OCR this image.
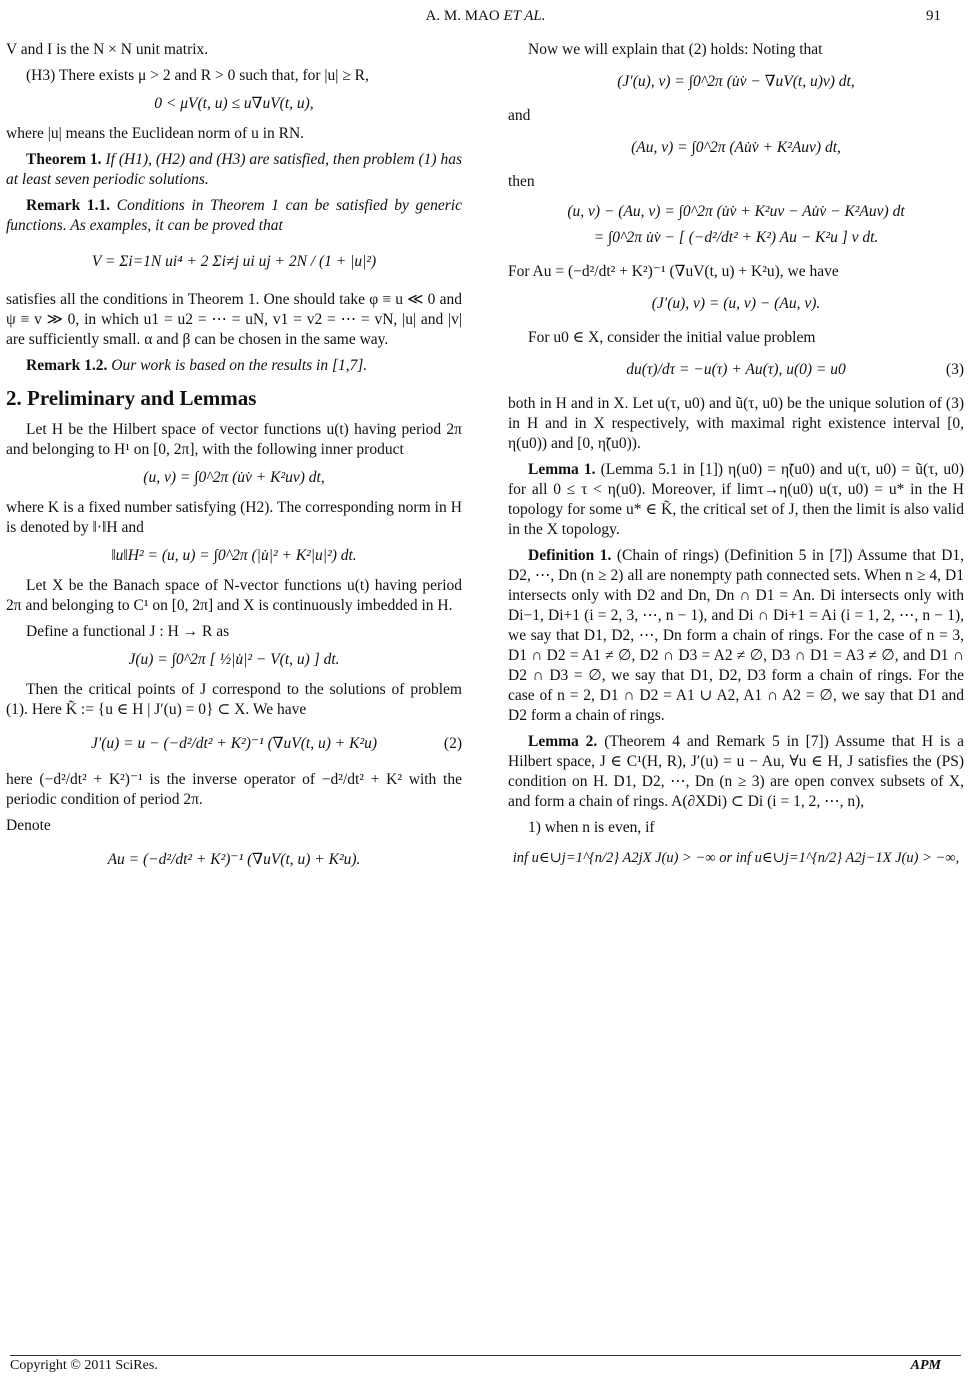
A. M. MAO ET AL.	91

V and I is the N × N unit matrix.

(H3) There exists μ > 2 and R > 0 such that, for |u| ≥ R,

0 < μV(t, u) ≤ u∇uV(t, u),

where |u| means the Euclidean norm of u in RN.

Theorem 1. If (H1), (H2) and (H3) are satisfied, then problem (1) has at least seven periodic solutions.

Remark 1.1. Conditions in Theorem 1 can be satisfied by generic functions. As examples, it can be proved that

V = Σi=1N ui⁴ + 2 Σi≠j ui uj + 2N / (1 + |u|²)

satisfies all the conditions in Theorem 1. One should take φ ≡ u ≪ 0 and ψ ≡ v ≫ 0, in which u1 = u2 = ⋯ = uN, v1 = v2 = ⋯ = vN, |u| and |v| are sufficiently small. α and β can be chosen in the same way.

Remark 1.2. Our work is based on the results in [1,7].

2. Preliminary and Lemmas

Let H be the Hilbert space of vector functions u(t) having period 2π and belonging to H¹ on [0, 2π], with the following inner product

(u, v) = ∫0^2π (u̇v̇ + K²uv) dt,

where K is a fixed number satisfying (H2). The corresponding norm in H is denoted by ‖·‖H and

‖u‖H² = (u, u) = ∫0^2π (|u̇|² + K²|u|²) dt.

Let X be the Banach space of N-vector functions u(t) having period 2π and belonging to C¹ on [0, 2π] and X is continuously imbedded in H.

Define a functional J : H → R as

J(u) = ∫0^2π [ ½|u̇|² − V(t, u) ] dt.

Then the critical points of J correspond to the solutions of problem (1). Here K̃ := {u ∈ H | J′(u) = 0} ⊂ X. We have

J′(u) = u − (−d²/dt² + K²)⁻¹ (∇uV(t, u) + K²u)	(2)

here (−d²/dt² + K²)⁻¹ is the inverse operator of −d²/dt² + K² with the periodic condition of period 2π.

Denote

Au = (−d²/dt² + K²)⁻¹ (∇uV(t, u) + K²u).

Now we will explain that (2) holds: Noting that

(J′(u), v) = ∫0^2π (u̇v̇ − ∇uV(t, u)v) dt,

and

(Au, v) = ∫0^2π (Au̇v̇ + K²Auv) dt,

then

(u, v) − (Au, v) = ∫0^2π (u̇v̇ + K²uv − Au̇v̇ − K²Auv) dt
= ∫0^2π u̇v̇ − [ (−d²/dt² + K²) Au − K²u ] v dt.

For Au = (−d²/dt² + K²)⁻¹ (∇uV(t, u) + K²u), we have

(J′(u), v) = (u, v) − (Au, v).

For u0 ∈ X, consider the initial value problem

du(τ)/dτ = −u(τ) + Au(τ), u(0) = u0	(3)

both in H and in X. Let u(τ, u0) and ũ(τ, u0) be the unique solution of (3) in H and in X respectively, with maximal right existence interval [0, η(u0)) and [0, η̃(u0)).

Lemma 1. (Lemma 5.1 in [1]) η(u0) = η̃(u0) and u(τ, u0) = ũ(τ, u0) for all 0 ≤ τ < η(u0). Moreover, if limτ→η(u0) u(τ, u0) = u* in the H topology for some u* ∈ K̃, the critical set of J, then the limit is also valid in the X topology.

Definition 1. (Chain of rings) (Definition 5 in [7]) Assume that D1, D2, ⋯, Dn (n ≥ 2) all are nonempty path connected sets. When n ≥ 4, D1 intersects only with D2 and Dn, Dn ∩ D1 = An. Di intersects only with Di−1, Di+1 (i = 2, 3, ⋯, n − 1), and Di ∩ Di+1 = Ai (i = 1, 2, ⋯, n − 1), we say that D1, D2, ⋯, Dn form a chain of rings. For the case of n = 3, D1 ∩ D2 = A1 ≠ ∅, D2 ∩ D3 = A2 ≠ ∅, D3 ∩ D1 = A3 ≠ ∅, and D1 ∩ D2 ∩ D3 = ∅, we say that D1, D2, D3 form a chain of rings. For the case of n = 2, D1 ∩ D2 = A1 ∪ A2, A1 ∩ A2 = ∅, we say that D1 and D2 form a chain of rings.

Lemma 2. (Theorem 4 and Remark 5 in [7]) Assume that H is a Hilbert space, J ∈ C¹(H, R), J′(u) = u − Au, ∀u ∈ H, J satisfies the (PS) condition on H. D1, D2, ⋯, Dn (n ≥ 3) are open convex subsets of X, and form a chain of rings. A(∂XDi) ⊂ Di (i = 1, 2, ⋯, n),

1) when n is even, if

inf u∈∪j=1^{n/2} A2jX J(u) > −∞ or inf u∈∪j=1^{n/2} A2j−1X J(u) > −∞,
Copyright © 2011 SciRes.	APM
